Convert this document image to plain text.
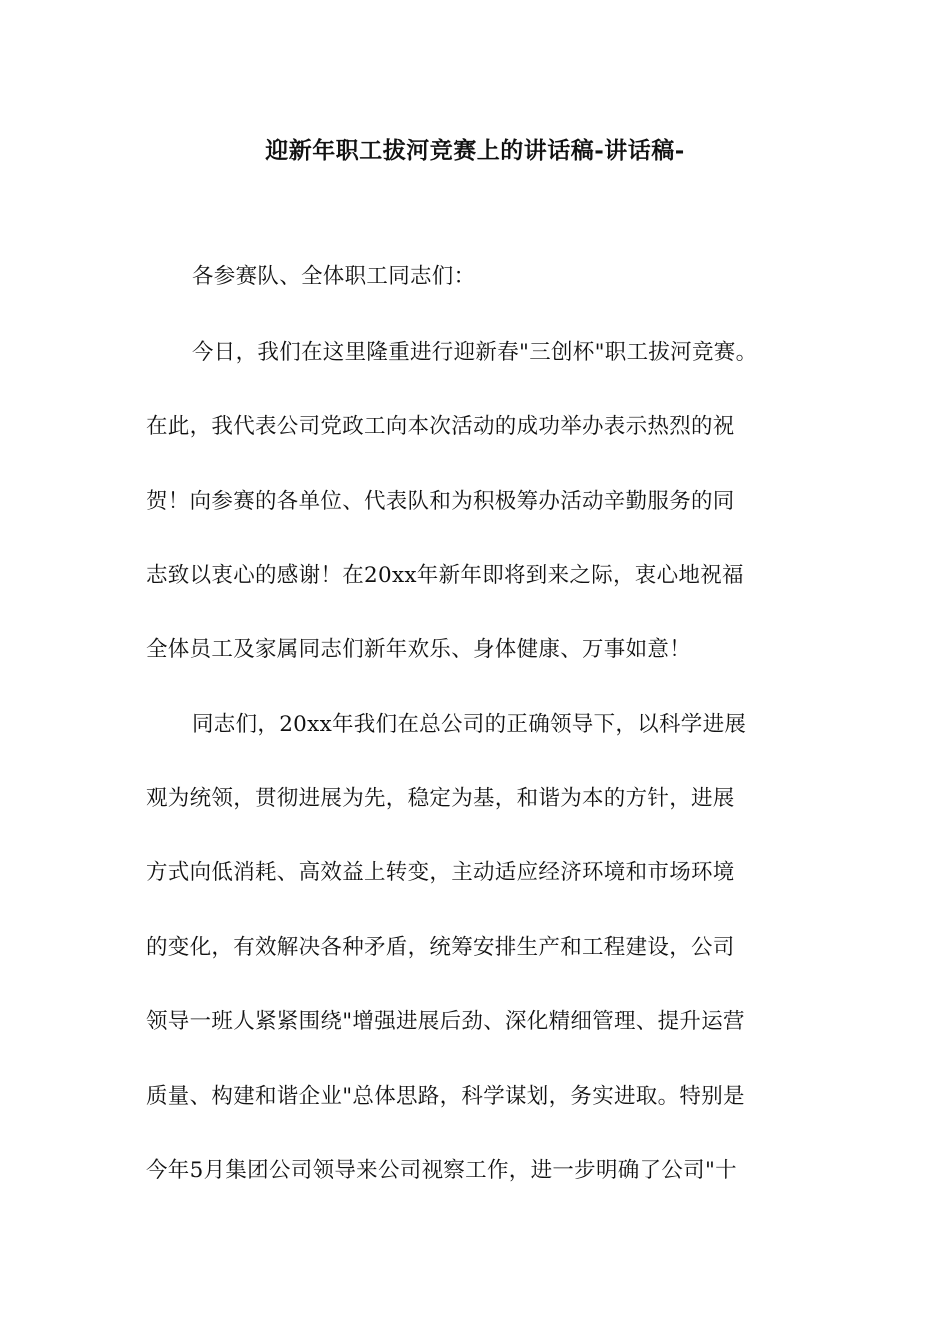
迎新年职工拔河竞赛上的讲话稿-讲话稿-
各参赛队、全体职工同志们：
今日，我们在这里隆重进行迎新春"三创杯"职工拔河竞赛。
在此，我代表公司党政工向本次活动的成功举办表示热烈的祝
贺！向参赛的各单位、代表队和为积极筹办活动辛勤服务的同
志致以衷心的感谢！在20xx年新年即将到来之际，衷心地祝福
全体员工及家属同志们新年欢乐、身体健康、万事如意！
同志们，20xx年我们在总公司的正确领导下，以科学进展
观为统领，贯彻进展为先，稳定为基，和谐为本的方针，进展
方式向低消耗、高效益上转变，主动适应经济环境和市场环境
的变化，有效解决各种矛盾，统筹安排生产和工程建设，公司
领导一班人紧紧围绕"增强进展后劲、深化精细管理、提升运营
质量、构建和谐企业"总体思路，科学谋划，务实进取。特别是
今年5月集团公司领导来公司视察工作，进一步明确了公司"十
